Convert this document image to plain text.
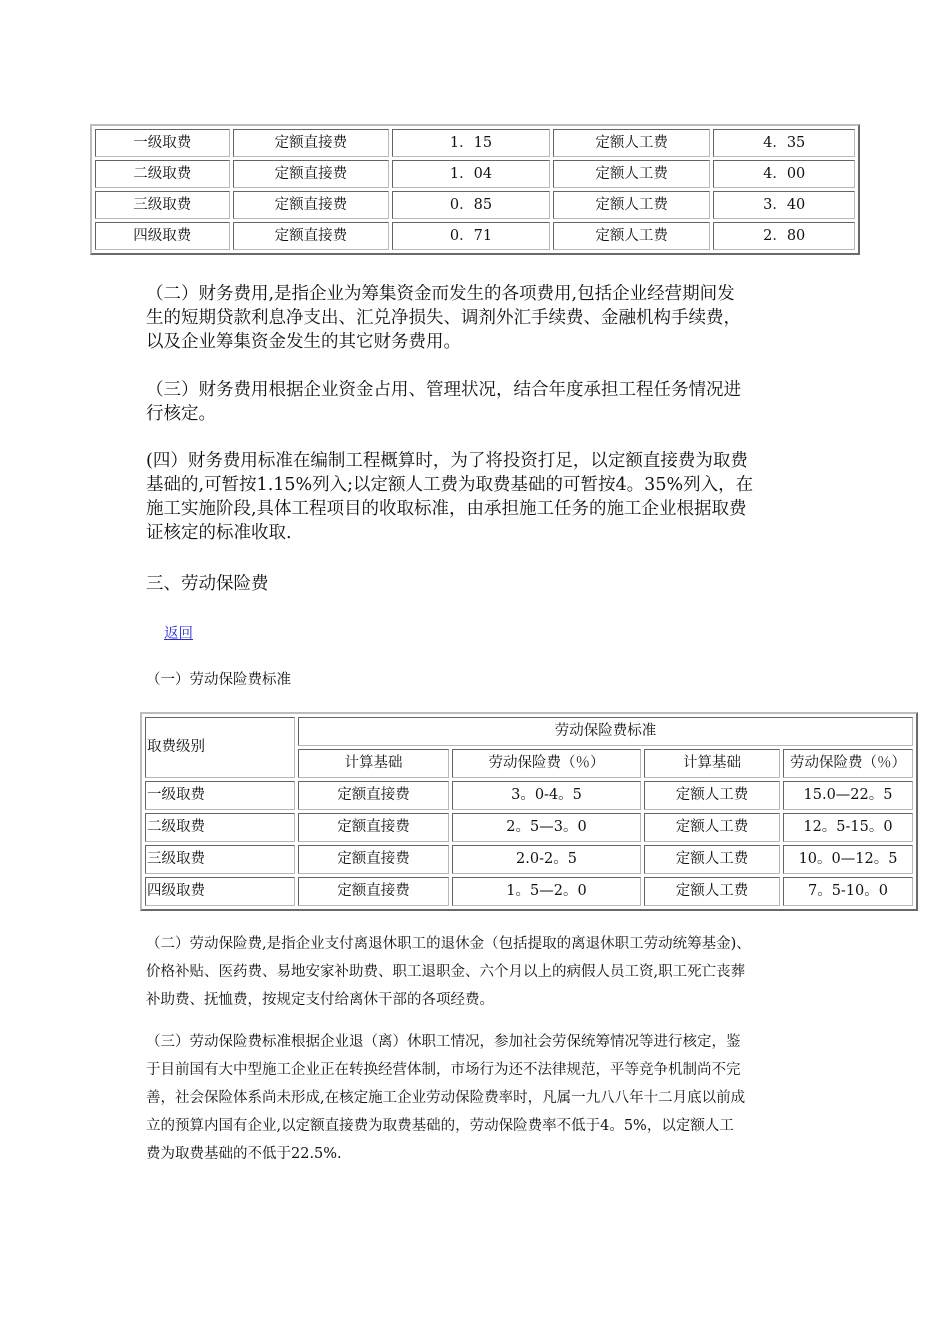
一级取费	定额直接费	1．15	定额人工费	4．35
二级取费	定额直接费	1．04	定额人工费	4．00
三级取费	定额直接费	0．85	定额人工费	3．40
四级取费	定额直接费	0．71	定额人工费	2．80
（二）财务费用,是指企业为筹集资金而发生的各项费用,包括企业经营期间发
生的短期贷款利息净支出、汇兑净损失、调剂外汇手续费、金融机构手续费，
以及企业筹集资金发生的其它财务费用。
（三）财务费用根据企业资金占用、管理状况，结合年度承担工程任务情况进
行核定。
(四）财务费用标准在编制工程概算时，为了将投资打足，以定额直接费为取费
基础的,可暂按1.15%列入;以定额人工费为取费基础的可暂按4。35%列入，在
施工实施阶段,具体工程项目的收取标准，由承担施工任务的施工企业根据取费
证核定的标准收取.
三、劳动保险费
返回
（一）劳动保险费标准
取费级别	劳动保险费标准			
	计算基础	劳动保险费（％）	计算基础	劳动保险费（％）
一级取费	定额直接费	3。0-4。5	定额人工费	15.0—22。5
二级取费	定额直接费	2。5—3。0	定额人工费	12。5-15。0
三级取费	定额直接费	2.0-2。5	定额人工费	10。0—12。5
四级取费	定额直接费	1。5—2。0	定额人工费	7。5-10。0
（二）劳动保险费,是指企业支付离退休职工的退休金（包括提取的离退休职工劳动统筹基金)、
价格补贴、医药费、易地安家补助费、职工退职金、六个月以上的病假人员工资,职工死亡丧葬
补助费、抚恤费，按规定支付给离休干部的各项经费。
（三）劳动保险费标准根据企业退（离）休职工情况，参加社会劳保统筹情况等进行核定，鉴
于目前国有大中型施工企业正在转换经营体制，市场行为还不法律规范，平等竞争机制尚不完
善，社会保险体系尚未形成,在核定施工企业劳动保险费率时，凡属一九八八年十二月底以前成
立的预算内国有企业,以定额直接费为取费基础的，劳动保险费率不低于4。5%，以定额人工
费为取费基础的不低于22.5%.
